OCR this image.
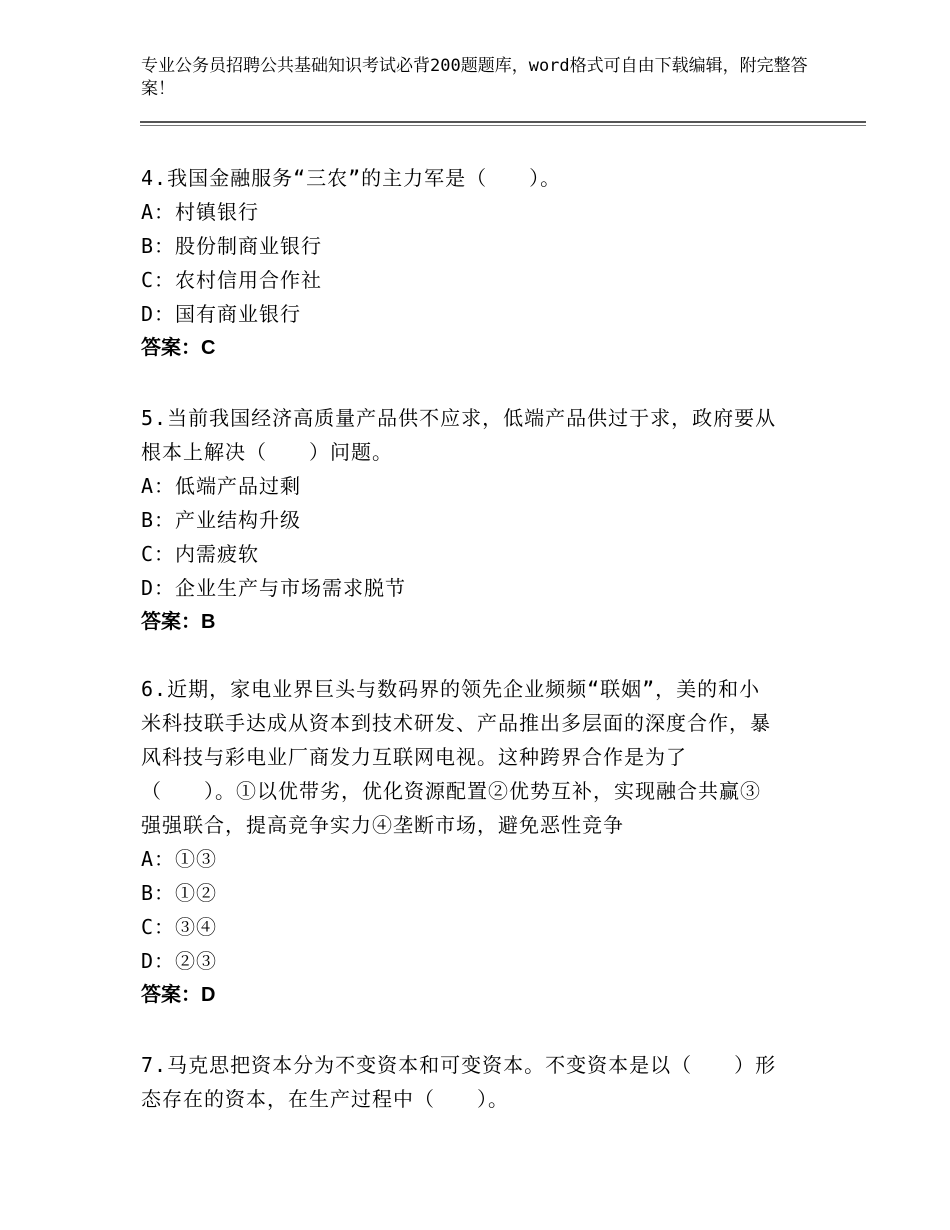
专业公务员招聘公共基础知识考试必背200题题库，word格式可自由下载编辑，附完整答案！
4.我国金融服务“三农”的主力军是（　　）。
A：村镇银行
B：股份制商业银行
C：农村信用合作社
D：国有商业银行
答案：C
5.当前我国经济高质量产品供不应求，低端产品供过于求，政府要从
根本上解决（　　）问题。
A：低端产品过剩
B：产业结构升级
C：内需疲软
D：企业生产与市场需求脱节
答案：B
6.近期，家电业界巨头与数码界的领先企业频频“联姻”，美的和小
米科技联手达成从资本到技术研发、产品推出多层面的深度合作，暴
风科技与彩电业厂商发力互联网电视。这种跨界合作是为了
（　　）。①以优带劣，优化资源配置②优势互补，实现融合共赢③
强强联合，提高竞争实力④垄断市场，避免恶性竞争
A：①③
B：①②
C：③④
D：②③
答案：D
7.马克思把资本分为不变资本和可变资本。不变资本是以（　　）形
态存在的资本，在生产过程中（　　）。
